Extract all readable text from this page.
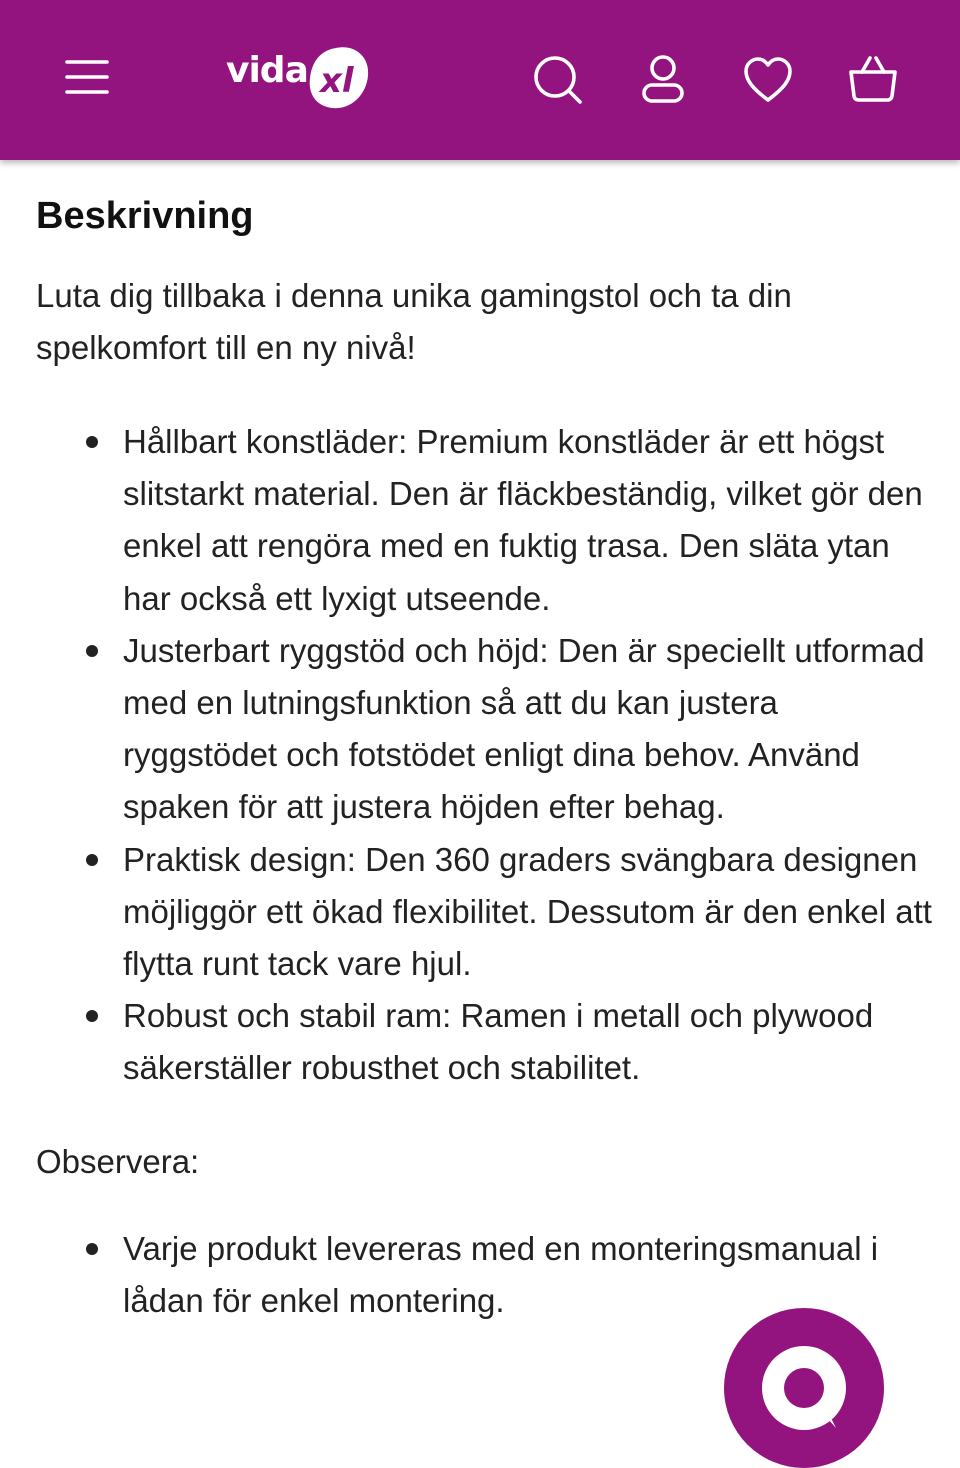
vida xl
Beskrivning

Luta dig tillbaka i denna unika gamingstol och ta din spelkomfort till en ny nivå!

Hållbart konstläder: Premium konstläder är ett högst slitstarkt material. Den är fläckbeständig, vilket gör den enkel att rengöra med en fuktig trasa. Den släta ytan har också ett lyxigt utseende.
Justerbart ryggstöd och höjd: Den är speciellt utformad med en lutningsfunktion så att du kan justera ryggstödet och fotstödet enligt dina behov. Använd spaken för att justera höjden efter behag.
Praktisk design: Den 360 graders svängbara designen möjliggör ett ökad flexibilitet. Dessutom är den enkel att flytta runt tack vare hjul.
Robust och stabil ram: Ramen i metall och plywood säkerställer robusthet och stabilitet.

Observera:

Varje produkt levereras med en monteringsmanual i lådan för enkel montering.
